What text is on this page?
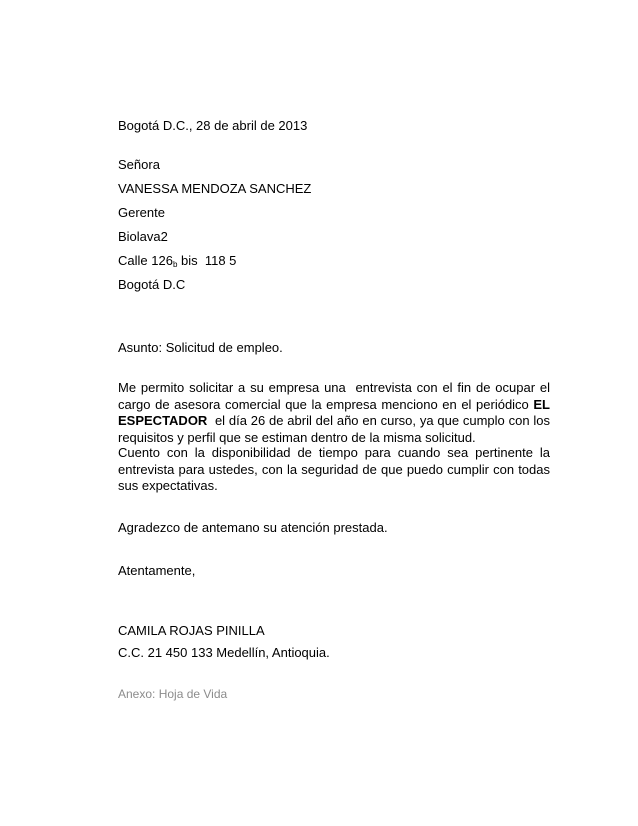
Bogotá D.C., 28 de abril de 2013
Señora
VANESSA MENDOZA SANCHEZ
Gerente
Biolava2
Calle $126_b$ bis  118 5
Bogotá D.C
Asunto: Solicitud de empleo.
Me permito solicitar a su empresa una  entrevista con el fin de ocupar el
cargo de asesora comercial que la empresa menciono en el periódico EL
ESPECTADOR  el día 26 de abril del año en curso, ya que cumplo con los
requisitos y perfil que se estiman dentro de la misma solicitud.
Cuento con la disponibilidad de tiempo para cuando sea pertinente la
entrevista para ustedes, con la seguridad de que puedo cumplir con todas
sus expectativas.
Agradezco de antemano su atención prestada.
Atentamente,
CAMILA ROJAS PINILLA
C.C. 21 450 133 Medellín, Antioquia.
Anexo: Hoja de Vida
